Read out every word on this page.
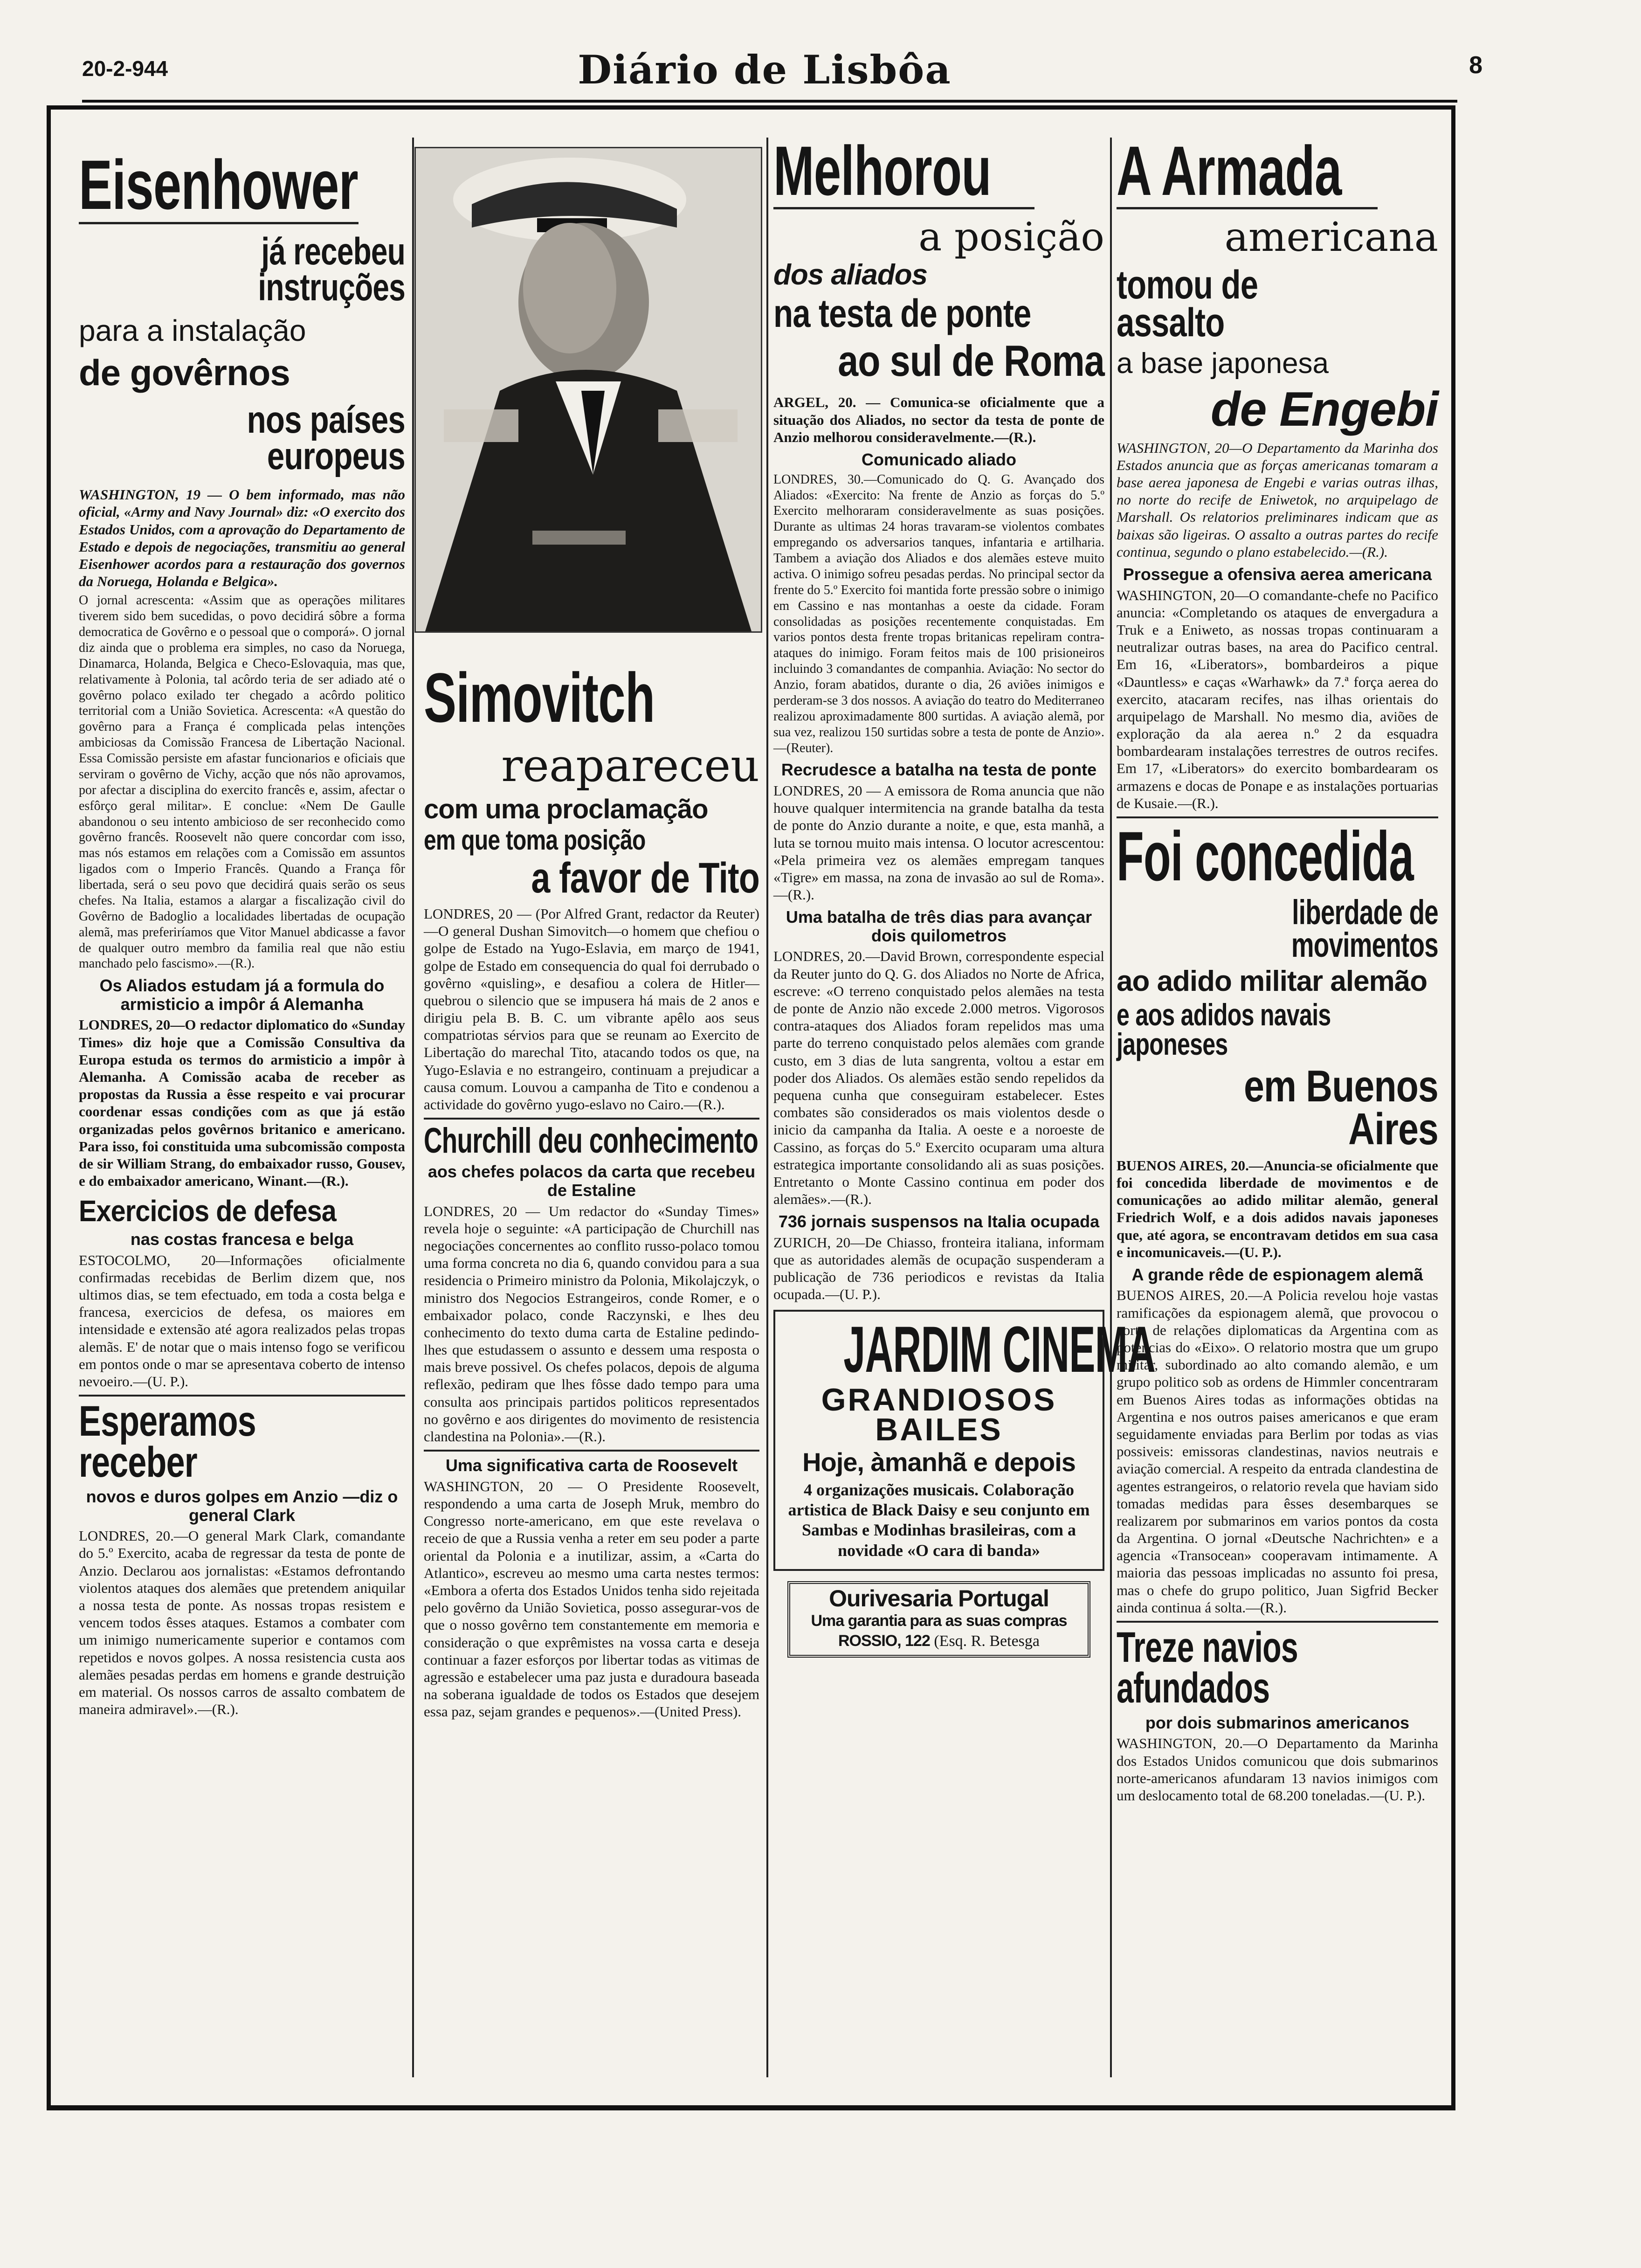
20-2-944	Diário de Lisbôa	8
Eisenhower
já recebeu instruções
para a instalação
de govêrnos
nos países europeus

WASHINGTON, 19 — O bem informado, mas não oficial, «Army and Navy Journal» diz: «O exercito dos Estados Unidos, com a aprovação do Departamento de Estado e depois de negociações, transmitiu ao general Eisenhower acordos para a restauração dos governos da Noruega, Holanda e Belgica».

O jornal acrescenta: «Assim que as operações militares tiverem sido bem sucedidas, o povo decidirá sôbre a forma democratica de Govêrno e o pessoal que o comporá». O jornal diz ainda que o problema era simples, no caso da Noruega, Dinamarca, Holanda, Belgica e Checo-Eslovaquia, mas que, relativamente à Polonia, tal acôrdo teria de ser adiado até o govêrno polaco exilado ter chegado a acôrdo politico territorial com a União Sovietica. Acrescenta: «A questão do govêrno para a França é complicada pelas intenções ambiciosas da Comissão Francesa de Libertação Nacional. Essa Comissão persiste em afastar funcionarios e oficiais que serviram o govêrno de Vichy, acção que nós não aprovamos, por afectar a disciplina do exercito francês e, assim, afectar o esfôrço geral militar». E conclue: «Nem De Gaulle abandonou o seu intento ambicioso de ser reconhecido como govêrno francês. Roosevelt não quere concordar com isso, mas nós estamos em relações com a Comissão em assuntos ligados com o Imperio Francês. Quando a França fôr libertada, será o seu povo que decidirá quais serão os seus chefes. Na Italia, estamos a alargar a fiscalização civil do Govêrno de Badoglio a localidades libertadas de ocupação alemã, mas preferiríamos que Vitor Manuel abdicasse a favor de qualquer outro membro da familia real que não estiu manchado pelo fascismo».—(R.).

Os Aliados estudam já a formula do armisticio a impôr á Alemanha

LONDRES, 20—O redactor diplomatico do «Sunday Times» diz hoje que a Comissão Consultiva da Europa estuda os termos do armisticio a impôr à Alemanha. A Comissão acaba de receber as propostas da Russia a êsse respeito e vai procurar coordenar essas condições com as que já estão organizadas pelos govêrnos britanico e americano. Para isso, foi constituida uma subcomissão composta de sir William Strang, do embaixador russo, Gousev, e do embaixador americano, Winant.—(R.).

Exercicios de defesa
nas costas francesa e belga

ESTOCOLMO, 20—Informações oficialmente confirmadas recebidas de Berlim dizem que, nos ultimos dias, se tem efectuado, em toda a costa belga e francesa, exercicios de defesa, os maiores em intensidade e extensão até agora realizados pelas tropas alemãs. E' de notar que o mais intenso fogo se verificou em pontos onde o mar se apresentava coberto de intenso nevoeiro.—(U. P.).

Esperamos receber
novos e duros golpes em Anzio —diz o general Clark

LONDRES, 20.—O general Mark Clark, comandante do 5.º Exercito, acaba de regressar da testa de ponte de Anzio. Declarou aos jornalistas: «Estamos defrontando violentos ataques dos alemães que pretendem aniquilar a nossa testa de ponte. As nossas tropas resistem e vencem todos êsses ataques. Estamos a combater com um inimigo numericamente superior e contamos com repetidos e novos golpes. A nossa resistencia custa aos alemães pesadas perdas em homens e grande destruição em material. Os nossos carros de assalto combatem de maneira admiravel».—(R.).

Simovitch
reapareceu
com uma proclamação
em que toma posição
a favor de Tito

LONDRES, 20 — (Por Alfred Grant, redactor da Reuter)—O general Dushan Simovitch—o homem que chefiou o golpe de Estado na Yugo-Eslavia, em março de 1941, golpe de Estado em consequencia do qual foi derrubado o govêrno «quisling», e desafiou a colera de Hitler—quebrou o silencio que se impusera há mais de 2 anos e dirigiu pela B. B. C. um vibrante apêlo aos seus compatriotas sérvios para que se reunam ao Exercito de Libertação do marechal Tito, atacando todos os que, na Yugo-Eslavia e no estrangeiro, continuam a prejudicar a causa comum. Louvou a campanha de Tito e condenou a actividade do govêrno yugo-eslavo no Cairo.—(R.).

Churchill deu conhecimento
aos chefes polacos da carta que recebeu de Estaline

LONDRES, 20 — Um redactor do «Sunday Times» revela hoje o seguinte: «A participação de Churchill nas negociações concernentes ao conflito russo-polaco tomou uma forma concreta no dia 6, quando convidou para a sua residencia o Primeiro ministro da Polonia, Mikolajczyk, o ministro dos Negocios Estrangeiros, conde Romer, e o embaixador polaco, conde Raczynski, e lhes deu conhecimento do texto duma carta de Estaline pedindo-lhes que estudassem o assunto e dessem uma resposta o mais breve possivel. Os chefes polacos, depois de alguma reflexão, pediram que lhes fôsse dado tempo para uma consulta aos principais partidos politicos representados no govêrno e aos dirigentes do movimento de resistencia clandestina na Polonia».—(R.).

Uma significativa carta de Roosevelt

WASHINGTON, 20 — O Presidente Roosevelt, respondendo a uma carta de Joseph Mruk, membro do Congresso norte-americano, em que este revelava o receio de que a Russia venha a reter em seu poder a parte oriental da Polonia e a inutilizar, assim, a «Carta do Atlantico», escreveu ao mesmo uma carta nestes termos: «Embora a oferta dos Estados Unidos tenha sido rejeitada pelo govêrno da União Sovietica, posso assegurar-vos de que o nosso govêrno tem constantemente em memoria e consideração o que exprêmistes na vossa carta e deseja continuar a fazer esforços por libertar todas as vitimas de agressão e estabelecer uma paz justa e duradoura baseada na soberana igualdade de todos os Estados que desejem essa paz, sejam grandes e pequenos».—(United Press).

Melhorou
a posição
dos aliados
na testa de ponte
ao sul de Roma

ARGEL, 20. — Comunica-se oficialmente que a situação dos Aliados, no sector da testa de ponte de Anzio melhorou consideravelmente.—(R.).

Comunicado aliado

LONDRES, 30.—Comunicado do Q. G. Avançado dos Aliados: «Exercito: Na frente de Anzio as forças do 5.º Exercito melhoraram consideravelmente as suas posições. Durante as ultimas 24 horas travaram-se violentos combates empregando os adversarios tanques, infantaria e artilharia. Tambem a aviação dos Aliados e dos alemães esteve muito activa. O inimigo sofreu pesadas perdas. No principal sector da frente do 5.º Exercito foi mantida forte pressão sobre o inimigo em Cassino e nas montanhas a oeste da cidade. Foram consolidadas as posições recentemente conquistadas. Em varios pontos desta frente tropas britanicas repeliram contra-ataques do inimigo. Foram feitos mais de 100 prisioneiros incluindo 3 comandantes de companhia. Aviação: No sector do Anzio, foram abatidos, durante o dia, 26 aviões inimigos e perderam-se 3 dos nossos. A aviação do teatro do Mediterraneo realizou aproximadamente 800 surtidas. A aviação alemã, por sua vez, realizou 150 surtidas sobre a testa de ponte de Anzio».—(Reuter).

Recrudesce a batalha na testa de ponte

LONDRES, 20 — A emissora de Roma anuncia que não houve qualquer intermitencia na grande batalha da testa de ponte do Anzio durante a noite, e que, esta manhã, a luta se tornou muito mais intensa. O locutor acrescentou: «Pela primeira vez os alemães empregam tanques «Tigre» em massa, na zona de invasão ao sul de Roma».—(R.).

Uma batalha de três dias para avançar dois quilometros

LONDRES, 20.—David Brown, correspondente especial da Reuter junto do Q. G. dos Aliados no Norte de Africa, escreve: «O terreno conquistado pelos alemães na testa de ponte de Anzio não excede 2.000 metros. Vigorosos contra-ataques dos Aliados foram repelidos mas uma parte do terreno conquistado pelos alemães com grande custo, em 3 dias de luta sangrenta, voltou a estar em poder dos Aliados. Os alemães estão sendo repelidos da pequena cunha que conseguiram estabelecer. Estes combates são considerados os mais violentos desde o inicio da campanha da Italia. A oeste e a noroeste de Cassino, as forças do 5.º Exercito ocuparam uma altura estrategica importante consolidando ali as suas posições. Entretanto o Monte Cassino continua em poder dos alemães».—(R.).

736 jornais suspensos na Italia ocupada

ZURICH, 20—De Chiasso, fronteira italiana, informam que as autoridades alemãs de ocupação suspenderam a publicação de 736 periodicos e revistas da Italia ocupada.—(U. P.).

JARDIM CINEMA
GRANDIOSOS BAILES
Hoje, àmanhã e depois

4 organizações musicais. Colaboração artistica de Black Daisy e seu conjunto em Sambas e Modinhas brasileiras, com a novidade «O cara di banda»

Ourivesaria Portugal
Uma garantia para as suas compras
ROSSIO, 122 (Esq. R. Betesga
A Armada
americana
tomou de assalto
a base japonesa
de Engebi

WASHINGTON, 20—O Departamento da Marinha dos Estados anuncia que as forças americanas tomaram a base aerea japonesa de Engebi e varias outras ilhas, no norte do recife de Eniwetok, no arquipelago de Marshall. Os relatorios preliminares indicam que as baixas são ligeiras. O assalto a outras partes do recife continua, segundo o plano estabelecido.—(R.).

Prossegue a ofensiva aerea americana

WASHINGTON, 20—O comandante-chefe no Pacifico anuncia: «Completando os ataques de envergadura a Truk e a Eniweto, as nossas tropas continuaram a neutralizar outras bases, na area do Pacifico central. Em 16, «Liberators», bombardeiros a pique «Dauntless» e caças «Warhawk» da 7.ª força aerea do exercito, atacaram recifes, nas ilhas orientais do arquipelago de Marshall. No mesmo dia, aviões de exploração da ala aerea n.º 2 da esquadra bombardearam instalações terrestres de outros recifes. Em 17, «Liberators» do exercito bombardearam os armazens e docas de Ponape e as instalações portuarias de Kusaie.—(R.).

Foi concedida
liberdade de movimentos
ao adido militar alemão
e aos adidos navais japoneses
em Buenos Aires

BUENOS AIRES, 20.—Anuncia-se oficialmente que foi concedida liberdade de movimentos e de comunicações ao adido militar alemão, general Friedrich Wolf, e a dois adidos navais japoneses que, até agora, se encontravam detidos em sua casa e incomunicaveis.—(U. P.).

A grande rêde de espionagem alemã

BUENOS AIRES, 20.—A Policia revelou hoje vastas ramificações da espionagem alemã, que provocou o corte de relações diplomaticas da Argentina com as potencias do «Eixo». O relatorio mostra que um grupo militar, subordinado ao alto comando alemão, e um grupo politico sob as ordens de Himmler concentraram em Buenos Aires todas as informações obtidas na Argentina e nos outros paises americanos e que eram seguidamente enviadas para Berlim por todas as vias possiveis: emissoras clandestinas, navios neutrais e aviação comercial. A respeito da entrada clandestina de agentes estrangeiros, o relatorio revela que haviam sido tomadas medidas para êsses desembarques se realizarem por submarinos em varios pontos da costa da Argentina. O jornal «Deutsche Nachrichten» e a agencia «Transocean» cooperavam intimamente. A maioria das pessoas implicadas no assunto foi presa, mas o chefe do grupo politico, Juan Sigfrid Becker ainda continua á solta.—(R.).

Treze navios afundados
por dois submarinos americanos

WASHINGTON, 20.—O Departamento da Marinha dos Estados Unidos comunicou que dois submarinos norte-americanos afundaram 13 navios inimigos com um deslocamento total de 68.200 toneladas.—(U. P.).
